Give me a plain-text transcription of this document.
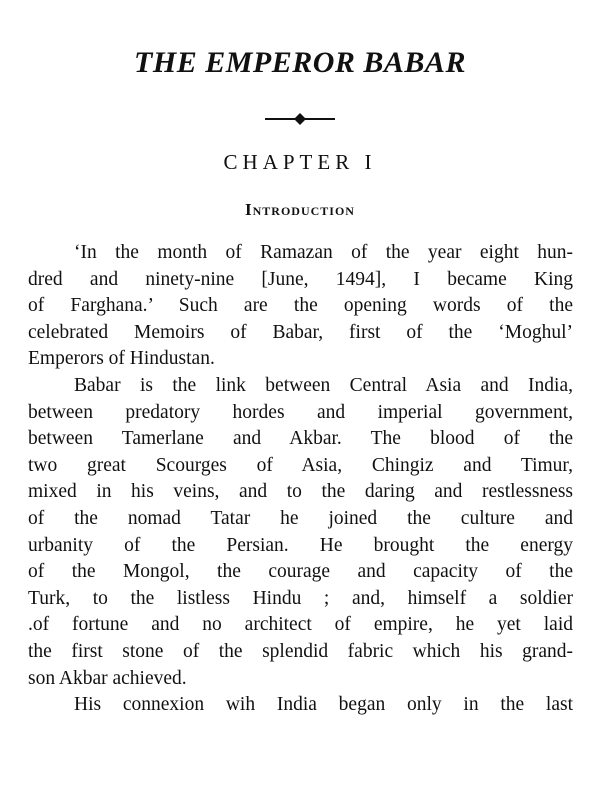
THE EMPEROR BABAR
CHAPTER I
Introduction
‘In the month of Ramazan of the year eight hun-
dred and ninety-nine [June, 1494], I became King
of Farghana.’ Such are the opening words of the
celebrated Memoirs of Babar, first of the ‘Moghul’
Emperors of Hindustan.
Babar is the link between Central Asia and India,
between predatory hordes and imperial government,
between Tamerlane and Akbar. The blood of the
two great Scourges of Asia, Chingiz and Timur,
mixed in his veins, and to the daring and restlessness
of the nomad Tatar he joined the culture and
urbanity of the Persian. He brought the energy
of the Mongol, the courage and capacity of the
Turk, to the listless Hindu ; and, himself a soldier
.of fortune and no architect of empire, he yet laid
the first stone of the splendid fabric which his grand-
son Akbar achieved.
His connexion wih India began only in the last
